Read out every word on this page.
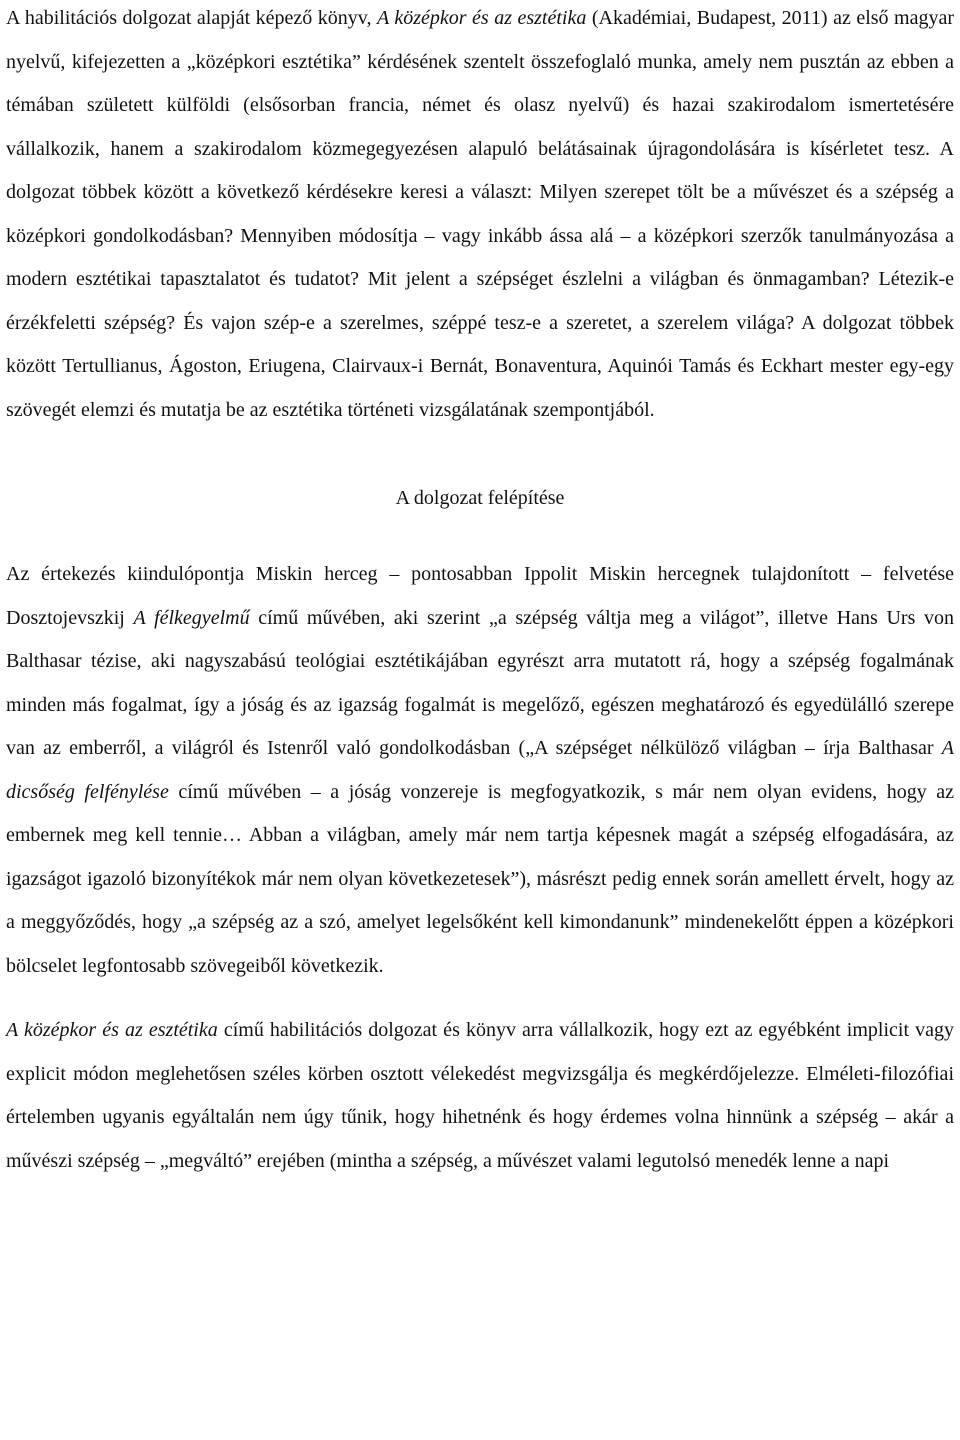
A habilitációs dolgozat alapját képező könyv, A középkor és az esztétika (Akadémiai, Budapest, 2011) az első magyar nyelvű, kifejezetten a „középkori esztétika” kérdésének szentelt összefoglaló munka, amely nem pusztán az ebben a témában született külföldi (elsősorban francia, német és olasz nyelvű) és hazai szakirodalom ismertetésére vállalkozik, hanem a szakirodalom közmegegyezésen alapuló belátásainak újragondolására is kísérletet tesz. A dolgozat többek között a következő kérdésekre keresi a választ: Milyen szerepet tölt be a művészet és a szépség a középkori gondolkodásban? Mennyiben módosítja – vagy inkább ássa alá – a középkori szerzők tanulmányozása a modern esztétikai tapasztalatot és tudatot? Mit jelent a szépséget észlelni a világban és önmagamban? Létezik-e érzékfeletti szépség? És vajon szép-e a szerelmes, széppé tesz-e a szeretet, a szerelem világa? A dolgozat többek között Tertullianus, Ágoston, Eriugena, Clairvaux-i Bernát, Bonaventura, Aquinói Tamás és Eckhart mester egy-egy szövegét elemzi és mutatja be az esztétika történeti vizsgálatának szempontjából.

A dolgozat felépítése

Az értekezés kiindulópontja Miskin herceg – pontosabban Ippolit Miskin hercegnek tulajdonított – felvetése Dosztojevszkij A félkegyelmű című művében, aki szerint „a szépség váltja meg a világot”, illetve Hans Urs von Balthasar tézise, aki nagyszabású teológiai esztétikájában egyrészt arra mutatott rá, hogy a szépség fogalmának minden más fogalmat, így a jóság és az igazság fogalmát is megelőző, egészen meghatározó és egyedülálló szerepe van az emberről, a világról és Istenről való gondolkodásban („A szépséget nélkülöző világban – írja Balthasar A dicsőség felfénylése című művében – a jóság vonzereje is megfogyatkozik, s már nem olyan evidens, hogy az embernek meg kell tennie… Abban a világban, amely már nem tartja képesnek magát a szépség elfogadására, az igazságot igazoló bizonyítékok már nem olyan következetesek”), másrészt pedig ennek során amellett érvelt, hogy az a meggyőződés, hogy „a szépség az a szó, amelyet legelsőként kell kimondanunk” mindenekelőtt éppen a középkori bölcselet legfontosabb szövegeiből következik.

A középkor és az esztétika című habilitációs dolgozat és könyv arra vállalkozik, hogy ezt az egyébként implicit vagy explicit módon meglehetősen széles körben osztott vélekedést megvizsgálja és megkérdőjelezze. Elméleti-filozófiai értelemben ugyanis egyáltalán nem úgy tűnik, hogy hihetnénk és hogy érdemes volna hinnünk a szépség – akár a művészi szépség – „megváltó” erejében (mintha a szépség, a művészet valami legutolsó menedék lenne a napi
